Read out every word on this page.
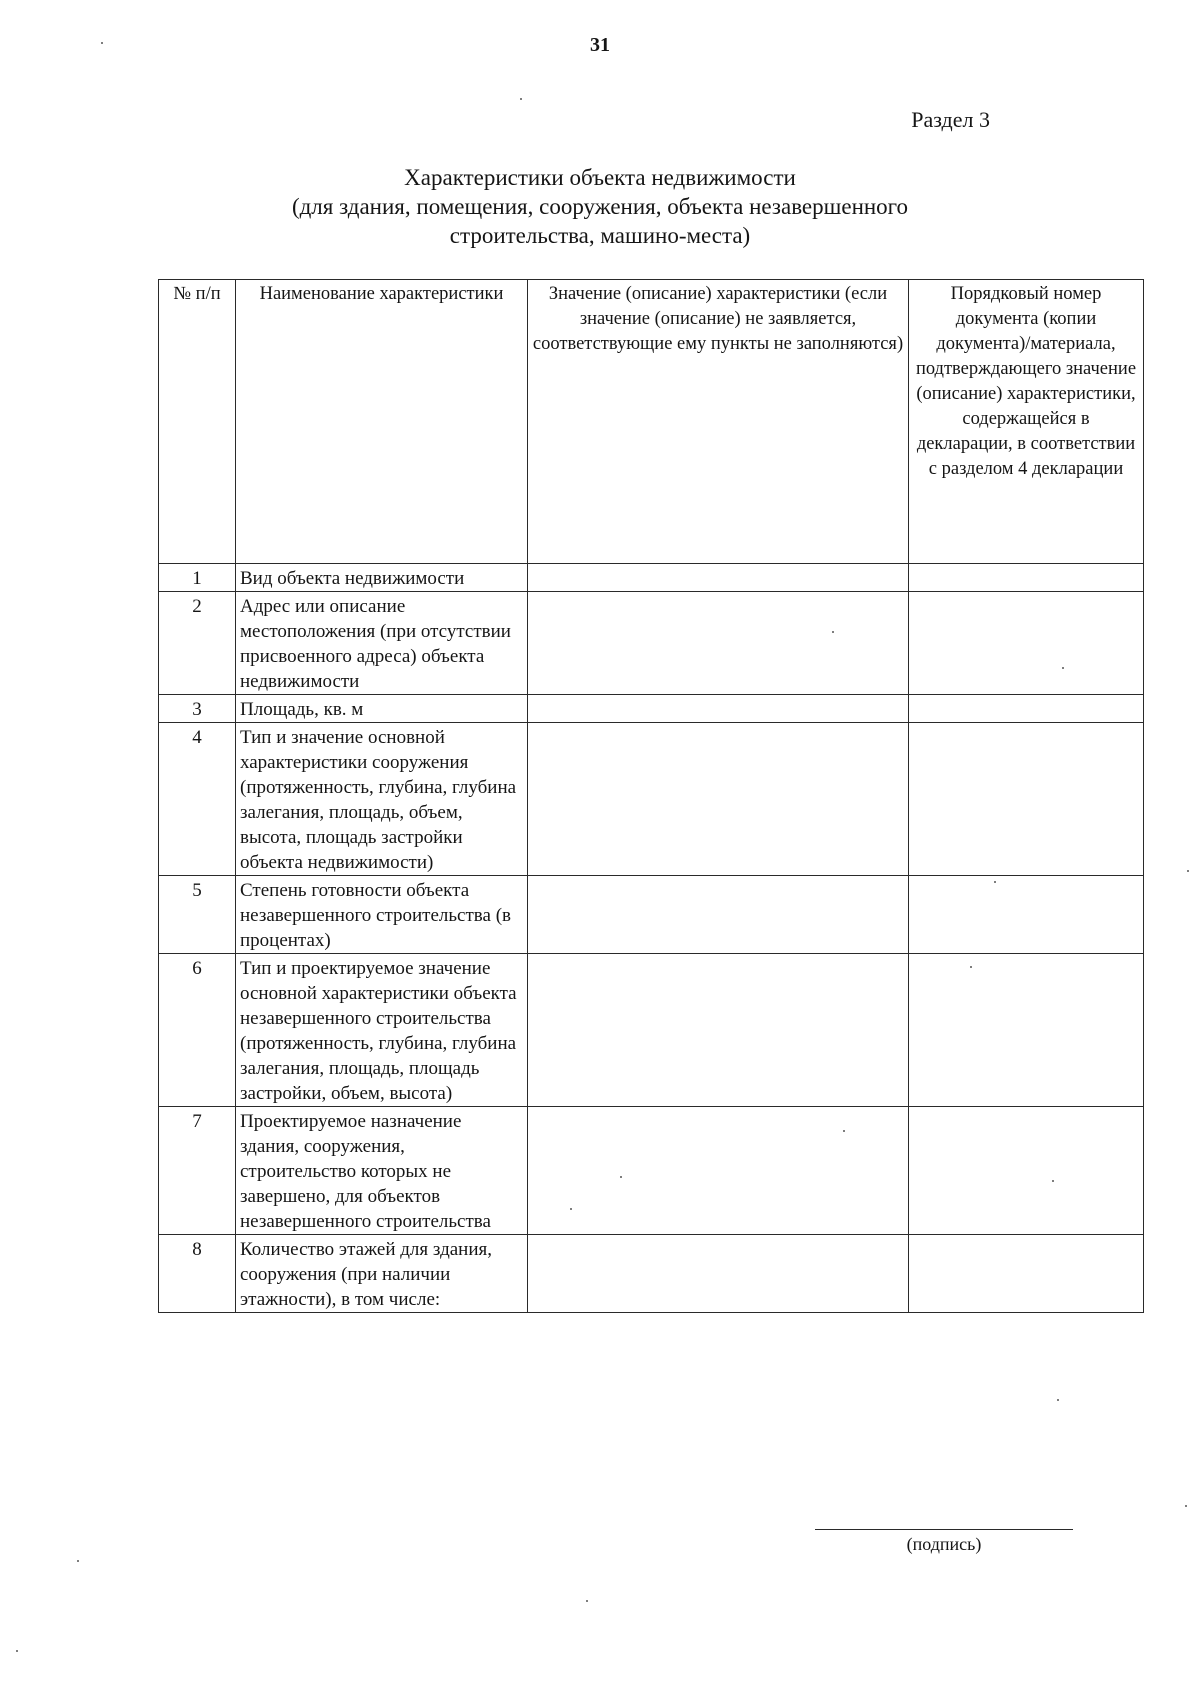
31
Раздел 3
Характеристики объекта недвижимости
(для здания, помещения, сооружения, объекта незавершенного
строительства, машино-места)
№ п/п	Наименование характеристики	Значение (описание) характеристики (если значение (описание) не заявляется, соответствующие ему пункты не заполняются)	Порядковый номер документа (копии документа)/материала, подтверждающего значение (описание) характеристики, содержащейся в декларации, в соответствии с разделом 4 декларации
1	Вид объекта недвижимости		
2	Адрес или описание местоположения (при отсутствии присвоенного адреса) объекта недвижимости		
3	Площадь, кв. м		
4	Тип и значение основной характеристики сооружения (протяженность, глубина, глубина залегания, площадь, объем, высота, площадь застройки объекта недвижимости)		
5	Степень готовности объекта незавершенного строительства (в процентах)		
6	Тип и проектируемое значение основной характеристики объекта незавершенного строительства (протяженность, глубина, глубина залегания, площадь, площадь застройки, объем, высота)		
7	Проектируемое назначение здания, сооружения, строительство которых не завершено, для объектов незавершенного строительства		
8	Количество этажей для здания, сооружения (при наличии этажности), в том числе:		
(подпись)
